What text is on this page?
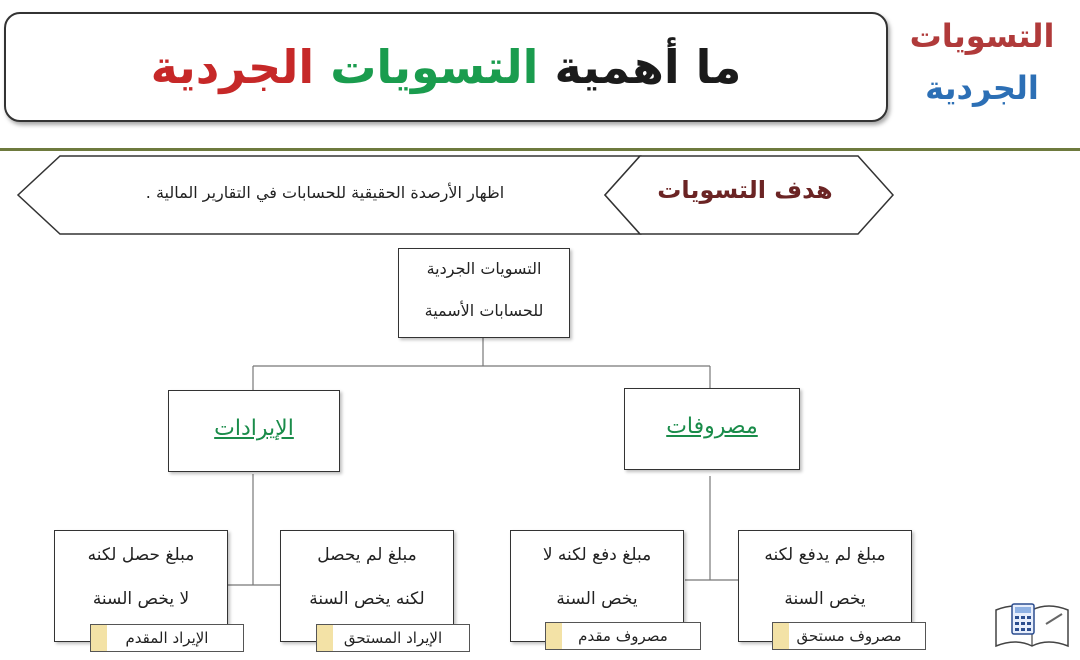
ما أهمية التسويات الجردية
التسويات
الجردية
اظهار الأرصدة الحقيقية للحسابات في التقارير المالية .	هدف التسويات
التسويات الجردية
للحسابات الأسمية
الإيرادات	مصروفات
مبلغ حصل لكنه
لا يخص السنة
مبلغ لم يحصل
لكنه يخص السنة
مبلغ دفع لكنه لا
يخص السنة
مبلغ لم يدفع لكنه
يخص السنة
الإيراد المقدم	الإيراد المستحق	مصروف مقدم	مصروف مستحق
